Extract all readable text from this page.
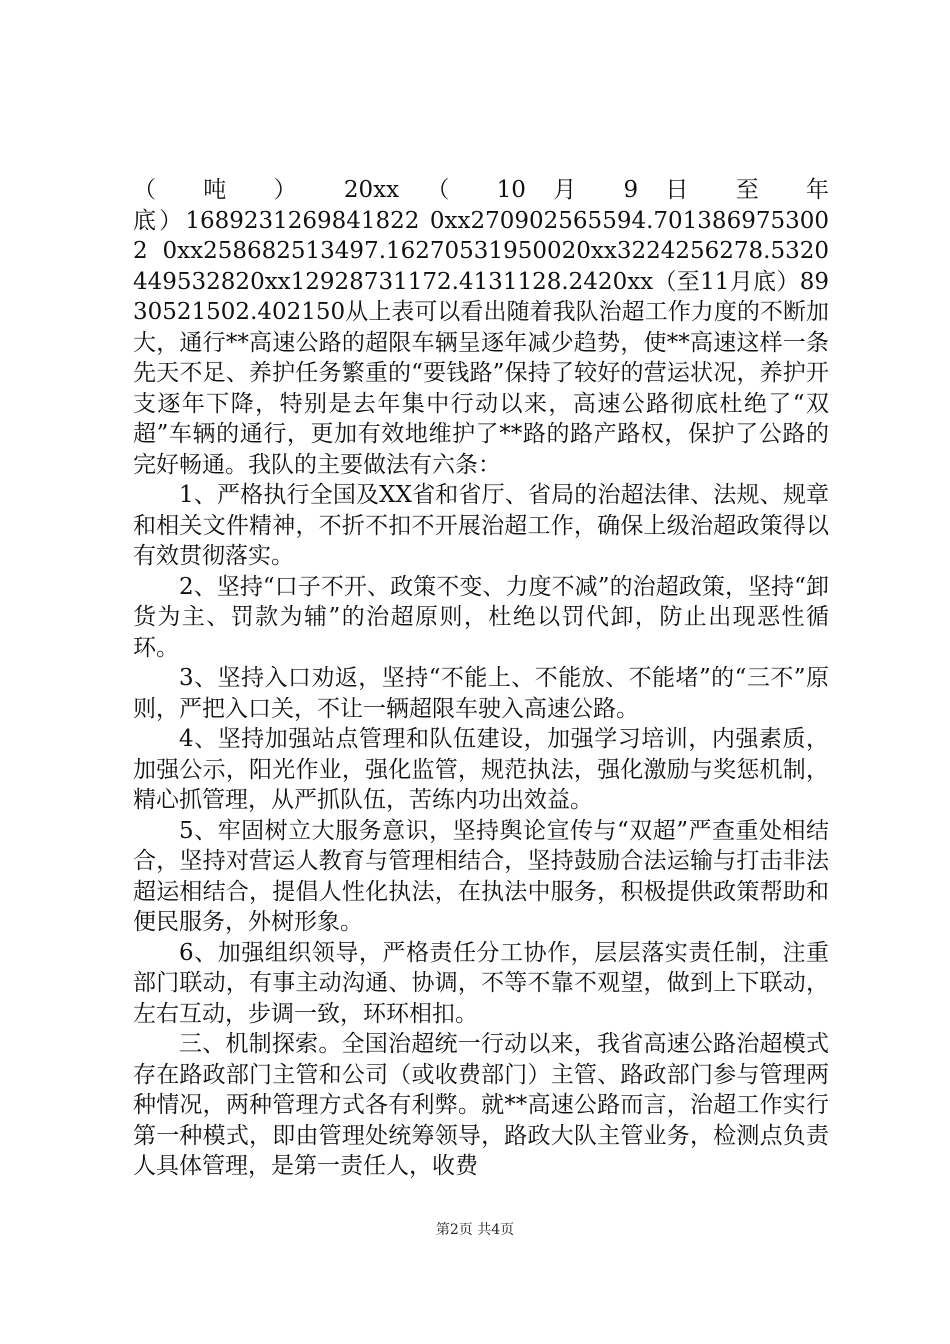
（ 吨 ） 20xx （ 10 月 9 日 至 年

底）1689231269841822 0xx270902565594.7013869753002 0xx258682513497.16270531950020xx3224256278.5320449532820xx12928731172.4131128.2420xx（至11月底）8930521502.402150从上表可以看出随着我队治超工作力度的不断加大，通行**高速公路的超限车辆呈逐年减少趋势，使**高速这样一条先天不足、养护任务繁重的“要钱路”保持了较好的营运状况，养护开支逐年下降，特别是去年集中行动以来，高速公路彻底杜绝了“双超”车辆的通行，更加有效地维护了**路的路产路权，保护了公路的完好畅通。我队的主要做法有六条：

1、严格执行全国及XX省和省厅、省局的治超法律、法规、规章和相关文件精神，不折不扣不开展治超工作，确保上级治超政策得以有效贯彻落实。

2、坚持“口子不开、政策不变、力度不减”的治超政策，坚持“卸货为主、罚款为辅”的治超原则，杜绝以罚代卸，防止出现恶性循环。

3、坚持入口劝返，坚持“不能上、不能放、不能堵”的“三不”原则，严把入口关，不让一辆超限车驶入高速公路。

4、坚持加强站点管理和队伍建设，加强学习培训，内强素质，加强公示，阳光作业，强化监管，规范执法，强化激励与奖惩机制，精心抓管理，从严抓队伍，苦练内功出效益。

5、牢固树立大服务意识，坚持舆论宣传与“双超”严查重处相结合，坚持对营运人教育与管理相结合，坚持鼓励合法运输与打击非法超运相结合，提倡人性化执法，在执法中服务，积极提供政策帮助和便民服务，外树形象。

6、加强组织领导，严格责任分工协作，层层落实责任制，注重部门联动，有事主动沟通、协调，不等不靠不观望，做到上下联动，左右互动，步调一致，环环相扣。

三、机制探索。全国治超统一行动以来，我省高速公路治超模式存在路政部门主管和公司（或收费部门）主管、路政部门参与管理两种情况，两种管理方式各有利弊。就**高速公路而言，治超工作实行第一种模式，即由管理处统筹领导，路政大队主管业务，检测点负责人具体管理，是第一责任人，收费

第2页 共4页
